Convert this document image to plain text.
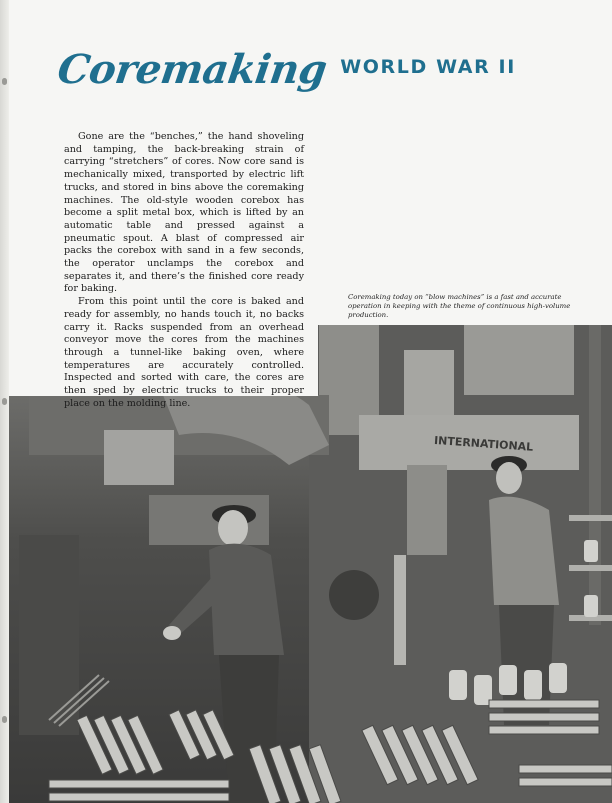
Coremaking WORLD WAR II
INTERNATIONAL

Gone are the “benches,” the hand shoveling and tamping, the back-breaking strain of carrying “stretchers” of cores. Now core sand is mechanically mixed, transported by electric lift trucks, and stored in bins above the coremaking machines. The old-style wooden corebox has become a split metal box, which is lifted by an automatic table and pressed against a pneumatic spout. A blast of compressed air packs the corebox with sand in a few seconds, the operator unclamps the corebox and separates it, and there’s the finished core ready for baking.

From this point until the core is baked and ready for assembly, no hands touch it, no backs carry it. Racks suspended from an overhead conveyor move the cores from the machines through a tunnel-like baking oven, where temperatures are accurately controlled. Inspected and sorted with care, the cores are then sped by electric trucks to their proper place on the molding line.

Coremaking today on “blow machines” is a fast and accurate operation in keeping with the theme of continuous high-volume production.
